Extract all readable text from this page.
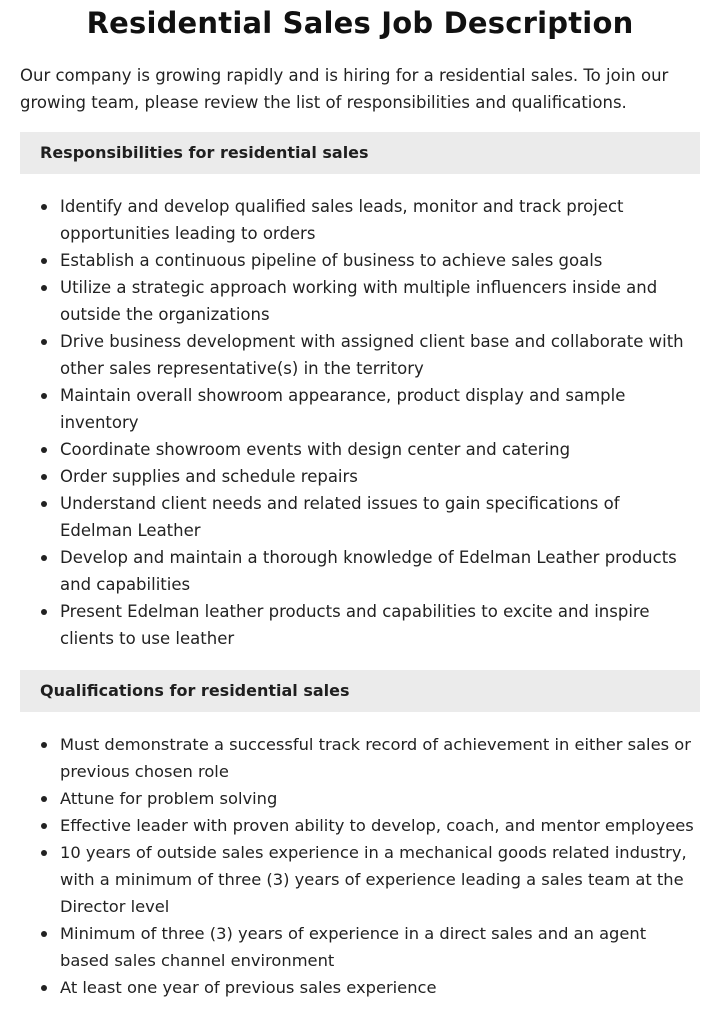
Residential Sales Job Description

Our company is growing rapidly and is hiring for a residential sales. To join our growing team, please review the list of responsibilities and qualifications.

Responsibilities for residential sales
Identify and develop qualified sales leads, monitor and track project opportunities leading to orders
Establish a continuous pipeline of business to achieve sales goals
Utilize a strategic approach working with multiple influencers inside and outside the organizations
Drive business development with assigned client base and collaborate with other sales representative(s) in the territory
Maintain overall showroom appearance, product display and sample inventory
Coordinate showroom events with design center and catering
Order supplies and schedule repairs
Understand client needs and related issues to gain specifications of Edelman Leather
Develop and maintain a thorough knowledge of Edelman Leather products and capabilities
Present Edelman leather products and capabilities to excite and inspire clients to use leather
Qualifications for residential sales
Must demonstrate a successful track record of achievement in either sales or previous chosen role
Attune for problem solving
Effective leader with proven ability to develop, coach, and mentor employees
10 years of outside sales experience in a mechanical goods related industry, with a minimum of three (3) years of experience leading a sales team at the Director level
Minimum of three (3) years of experience in a direct sales and an agent based sales channel environment
At least one year of previous sales experience
